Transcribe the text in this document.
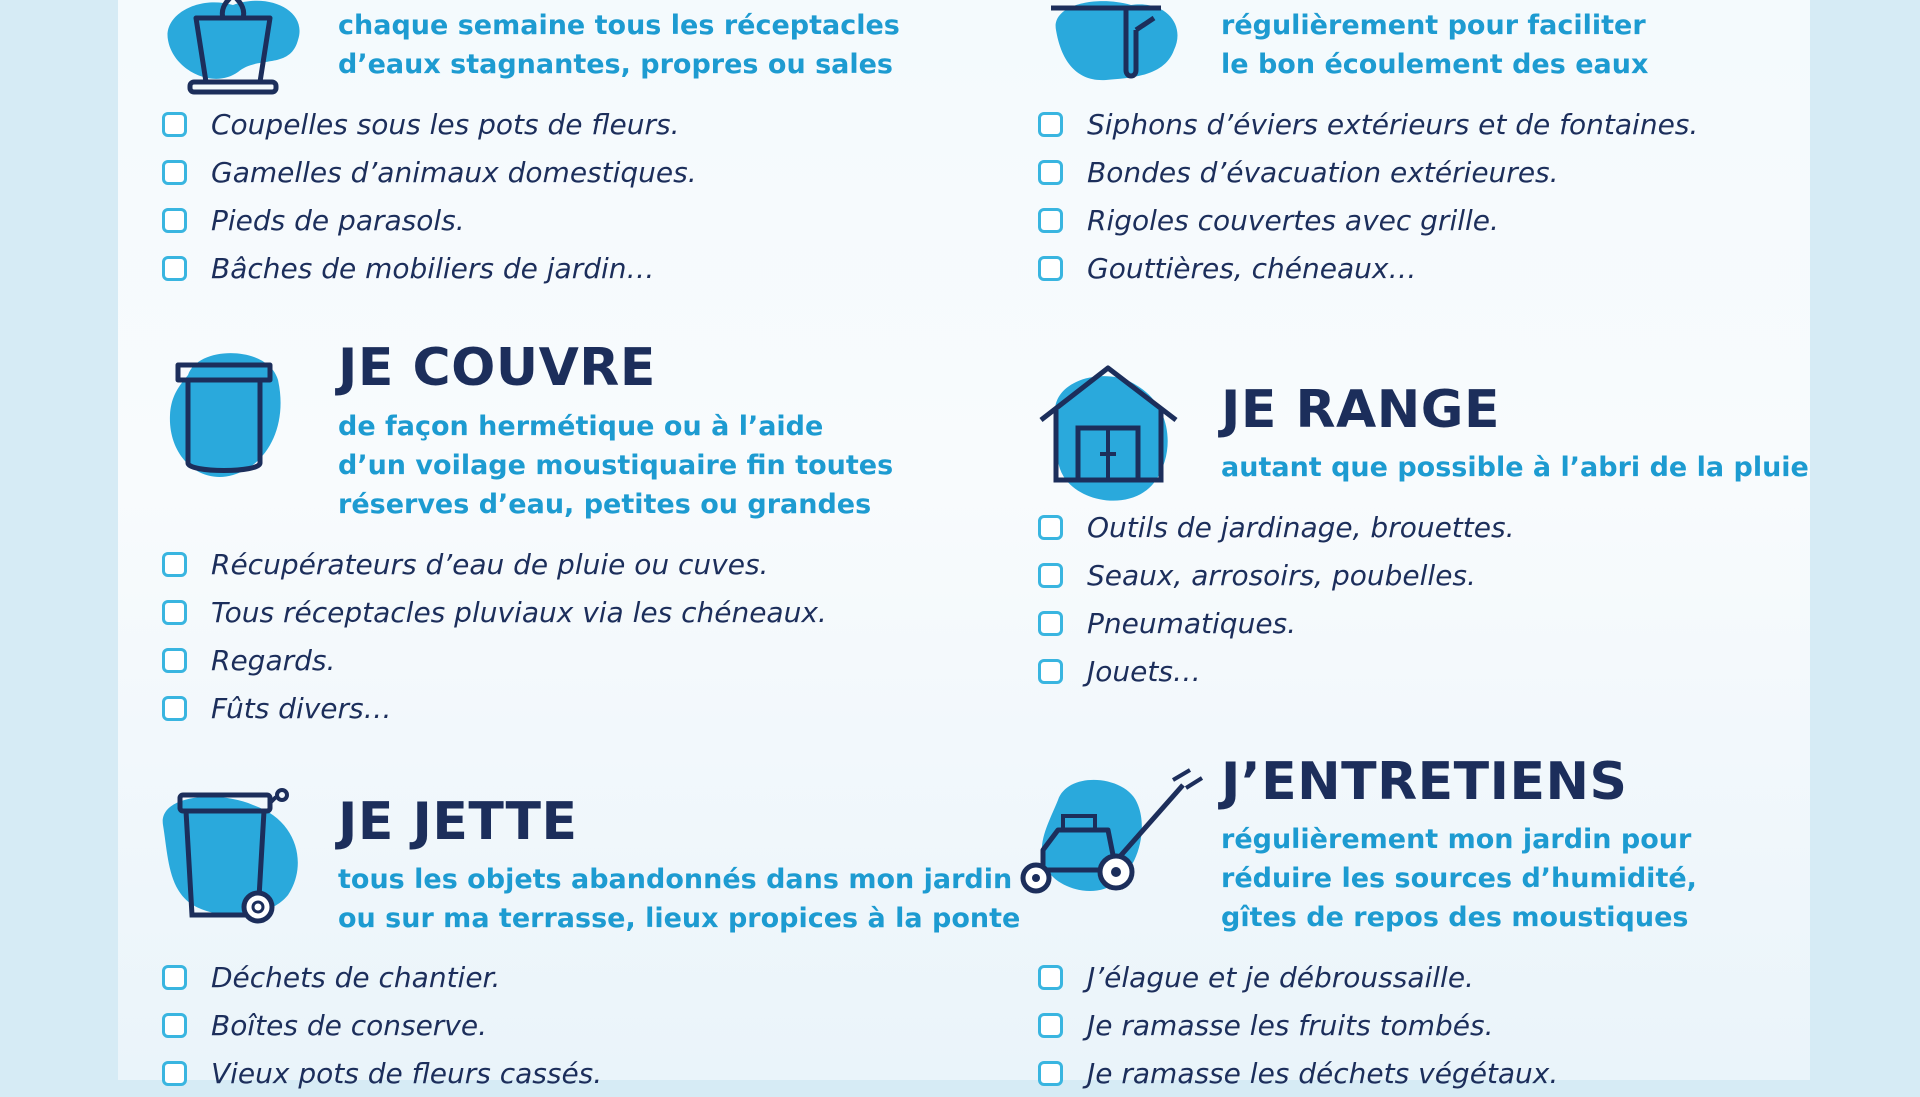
chaque semaine tous les réceptacles
d’eaux stagnantes, propres ou sales

Coupelles sous les pots de fleurs.
Gamelles d’animaux domestiques.
Pieds de parasols.
Bâches de mobiliers de jardin…

régulièrement pour faciliter
le bon écoulement des eaux

Siphons d’éviers extérieurs et de fontaines.
Bondes d’évacuation extérieures.
Rigoles couvertes avec grille.
Gouttières, chéneaux…
JE COUVRE

de façon hermétique ou à l’aide
d’un voilage moustiquaire fin toutes
réserves d’eau, petites ou grandes

Récupérateurs d’eau de pluie ou cuves.
Tous réceptacles pluviaux via les chéneaux.
Regards.
Fûts divers…
JE RANGE

autant que possible à l’abri de la pluie

Outils de jardinage, brouettes.
Seaux, arrosoirs, poubelles.
Pneumatiques.
Jouets…
JE JETTE

tous les objets abandonnés dans mon jardin
ou sur ma terrasse, lieux propices à la ponte

Déchets de chantier.
Boîtes de conserve.
Vieux pots de fleurs cassés.
J’ENTRETIENS

régulièrement mon jardin pour
réduire les sources d’humidité,
gîtes de repos des moustiques

J’élague et je débroussaille.
Je ramasse les fruits tombés.
Je ramasse les déchets végétaux.
